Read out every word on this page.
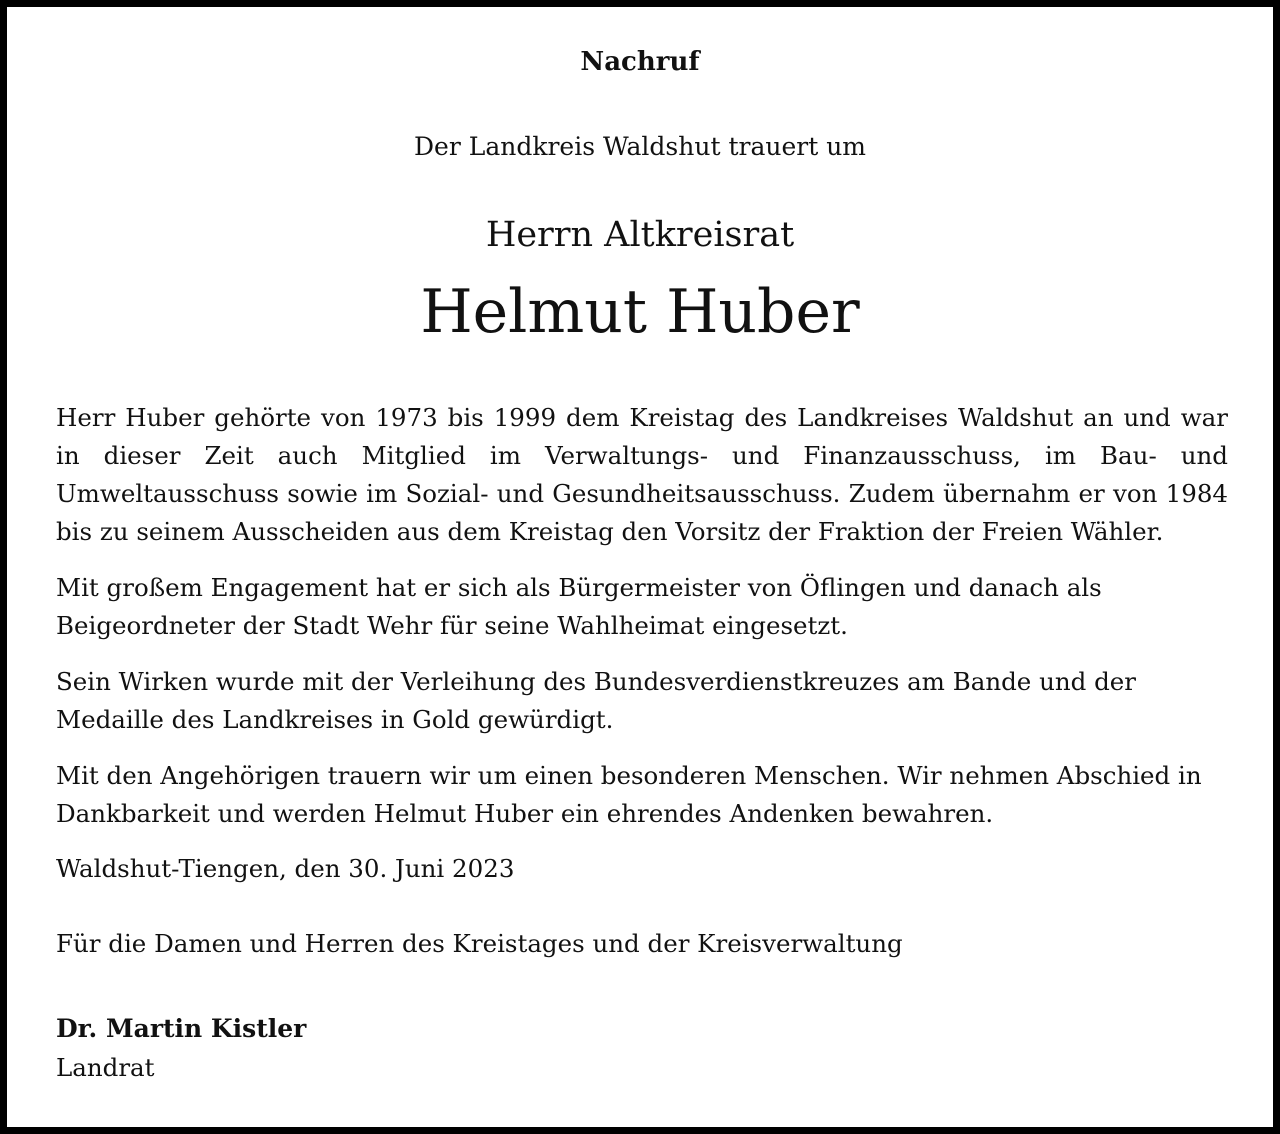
Nachruf
Der Landkreis Waldshut trauert um
Herrn Altkreisrat
Helmut Huber

Herr Huber gehörte von 1973 bis 1999 dem Kreistag des Landkreises Waldshut an und war in dieser Zeit auch Mitglied im Verwaltungs- und Finanzausschuss, im Bau- und Umweltausschuss sowie im Sozial- und Gesundheitsausschuss. Zudem übernahm er von 1984 bis zu seinem Ausscheiden aus dem Kreistag den Vorsitz der Fraktion der Freien Wähler.

Mit großem Engagement hat er sich als Bürgermeister von Öflingen und danach als Beigeordneter der Stadt Wehr für seine Wahlheimat eingesetzt.

Sein Wirken wurde mit der Verleihung des Bundesverdienstkreuzes am Bande und der Medaille des Landkreises in Gold gewürdigt.

Mit den Angehörigen trauern wir um einen besonderen Menschen. Wir nehmen Abschied in Dankbarkeit und werden Helmut Huber ein ehrendes Andenken bewahren.

Waldshut-Tiengen, den 30. Juni 2023
Für die Damen und Herren des Kreistages und der Kreisverwaltung
Dr. Martin Kistler
Landrat
